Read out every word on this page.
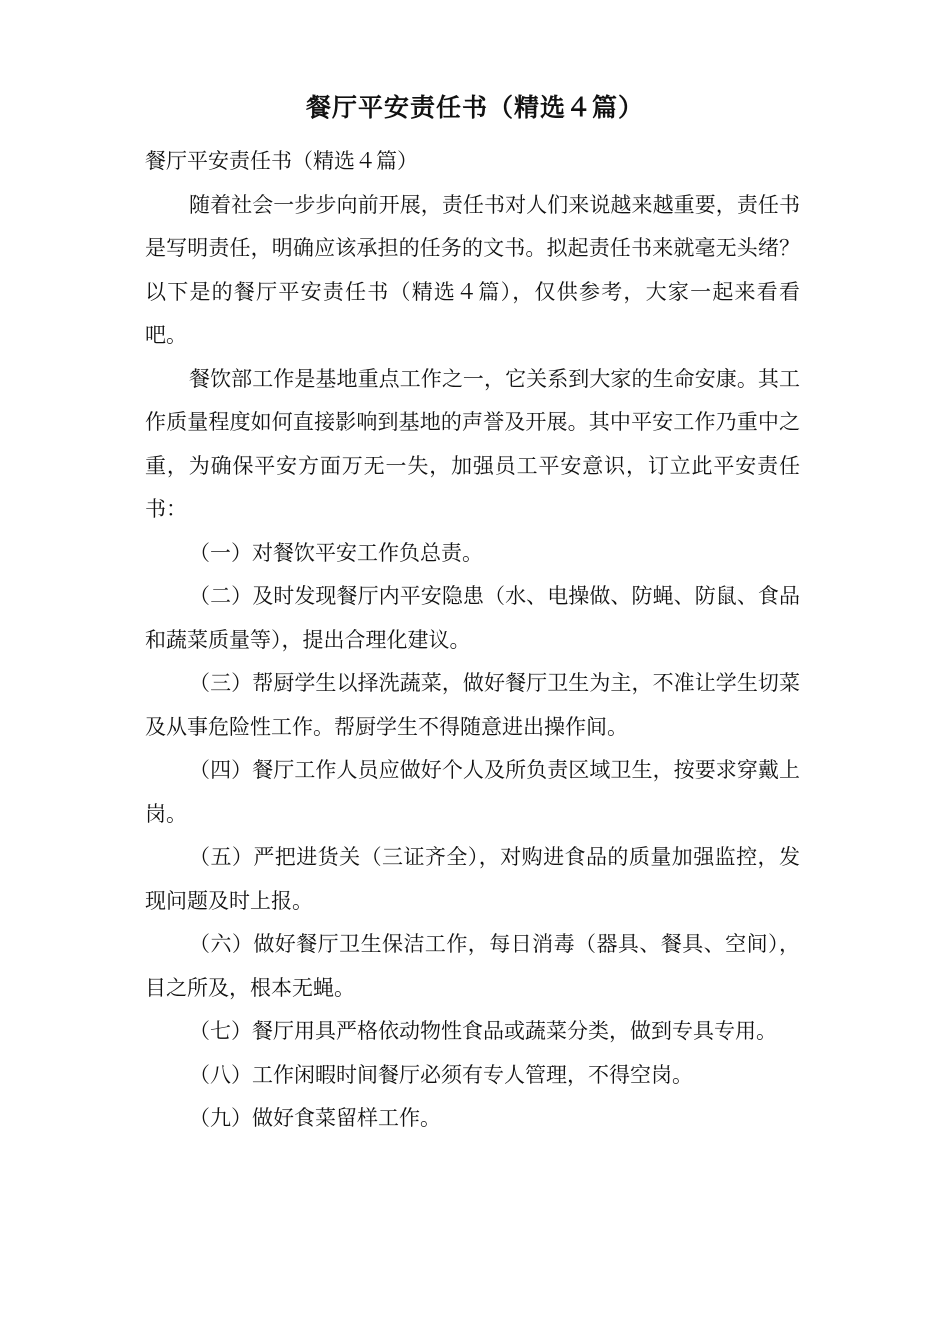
餐厅平安责任书（精选４篇）

餐厅平安责任书（精选４篇）

随着社会一步步向前开展，责任书对人们来说越来越重要，责任书是写明责任，明确应该承担的任务的文书。拟起责任书来就毫无头绪？以下是的餐厅平安责任书（精选４篇），仅供参考，大家一起来看看吧。

餐饮部工作是基地重点工作之一，它关系到大家的生命安康。其工作质量程度如何直接影响到基地的声誉及开展。其中平安工作乃重中之重，为确保平安方面万无一失，加强员工平安意识，订立此平安责任书：

（一）对餐饮平安工作负总责。

（二）及时发现餐厅内平安隐患（水、电操做、防蝇、防鼠、食品和蔬菜质量等），提出合理化建议。

（三）帮厨学生以择洗蔬菜，做好餐厅卫生为主，不准让学生切菜及从事危险性工作。帮厨学生不得随意进出操作间。

（四）餐厅工作人员应做好个人及所负责区域卫生，按要求穿戴上岗。

（五）严把进货关（三证齐全），对购进食品的质量加强监控，发现问题及时上报。

（六）做好餐厅卫生保洁工作，每日消毒（器具、餐具、空间），目之所及，根本无蝇。

（七）餐厅用具严格依动物性食品或蔬菜分类，做到专具专用。

（八）工作闲暇时间餐厅必须有专人管理，不得空岗。

（九）做好食菜留样工作。
